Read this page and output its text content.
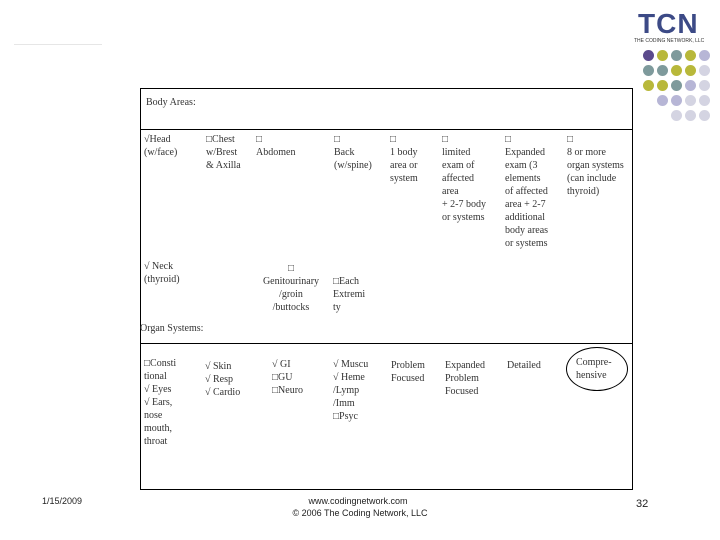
TCN
THE CODING NETWORK, LLC
Body Areas:
√Head
(w/face)
□Chest
w/Brest
& Axilla
□
Abdomen
□
Back
(w/spine)
□
1 body
area or
system
□
limited
exam of
affected
area
+ 2-7 body
or systems
□
Expanded
exam (3
elements
of affected
area + 2-7
additional
body areas
or systems
□
8 or more
organ systems
(can include
thyroid)
√ Neck
(thyroid)
□
Genitourinary
/groin
/buttocks
□Each
Extremi
ty
Organ Systems:
□Consti
tional
√ Eyes
√ Ears,
nose
mouth,
throat
√ Skin
√ Resp
√ Cardio
√ GI
□GU
□Neuro
√ Muscu
√ Heme
/Lymp
/Imm
□Psyc
Problem
Focused
Expanded
Problem
Focused
Detailed	Compre-
hensive
1/15/2009	www.codingnetwork.com
© 2006 The Coding Network, LLC
32
